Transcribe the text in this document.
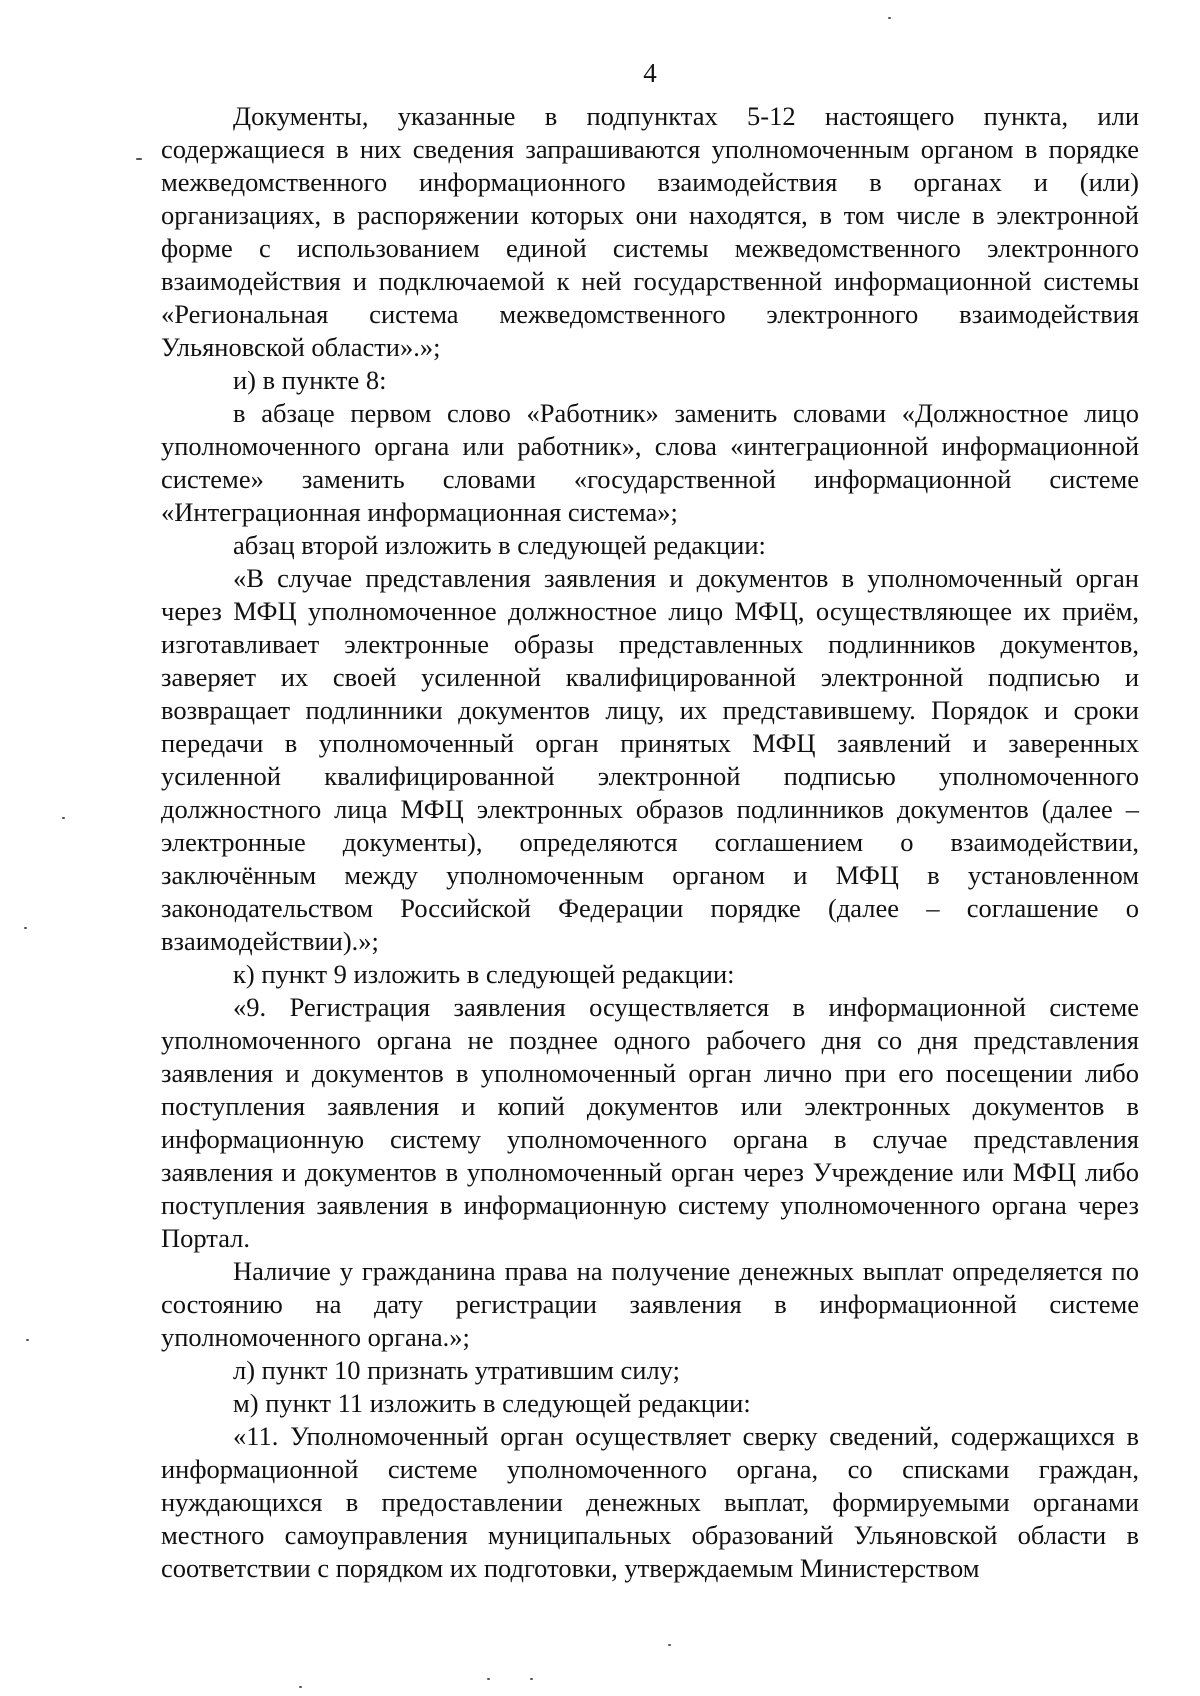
4

Документы, указанные в подпунктах 5-12 настоящего пункта, или содержащиеся в них сведения запрашиваются уполномоченным органом в порядке межведомственного информационного взаимодействия в органах и (или) организациях, в распоряжении которых они находятся, в том числе в электронной форме с использованием единой системы межведомственного электронного взаимодействия и подключаемой к ней государственной информационной системы «Региональная система межведомственного электронного взаимодействия Ульяновской области».»;

и) в пункте 8:

в абзаце первом слово «Работник» заменить словами «Должностное лицо уполномоченного органа или работник», слова «интеграционной информационной системе» заменить словами «государственной информационной системе «Интеграционная информационная система»;

абзац второй изложить в следующей редакции:

«В случае представления заявления и документов в уполномоченный орган через МФЦ уполномоченное должностное лицо МФЦ, осуществляющее их приём, изготавливает электронные образы представленных подлинников документов, заверяет их своей усиленной квалифицированной электронной подписью и возвращает подлинники документов лицу, их представившему. Порядок и сроки передачи в уполномоченный орган принятых МФЦ заявлений и заверенных усиленной квалифицированной электронной подписью уполномоченного должностного лица МФЦ электронных образов подлинников документов (далее – электронные документы), определяются соглашением о взаимодействии, заключённым между уполномоченным органом и МФЦ в установленном законодательством Российской Федерации порядке (далее – соглашение о взаимодействии).»;

к) пункт 9 изложить в следующей редакции:

«9. Регистрация заявления осуществляется в информационной системе уполномоченного органа не позднее одного рабочего дня со дня представления заявления и документов в уполномоченный орган лично при его посещении либо поступления заявления и копий документов или электронных документов в информационную систему уполномоченного органа в случае представления заявления и документов в уполномоченный орган через Учреждение или МФЦ либо поступления заявления в информационную систему уполномоченного органа через Портал.

Наличие у гражданина права на получение денежных выплат определяется по состоянию на дату регистрации заявления в информационной системе уполномоченного органа.»;

л) пункт 10 признать утратившим силу;

м) пункт 11 изложить в следующей редакции:

«11. Уполномоченный орган осуществляет сверку сведений, содержащихся в информационной системе уполномоченного органа, со списками граждан, нуждающихся в предоставлении денежных выплат, формируемыми органами местного самоуправления муниципальных образований Ульяновской области в соответствии с порядком их подготовки, утверждаемым Министерством
